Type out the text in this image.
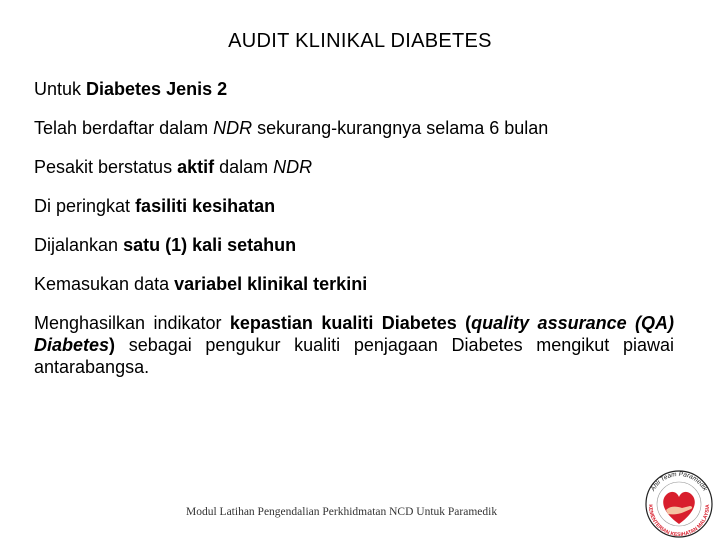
AUDIT KLINIKAL DIABETES
Untuk Diabetes Jenis 2
Telah berdaftar dalam NDR sekurang-kurangnya selama 6 bulan
Pesakit berstatus aktif dalam NDR
Di peringkat fasiliti kesihatan
Dijalankan satu (1) kali setahun
Kemasukan data variabel klinikal terkini
Menghasilkan indikator kepastian kualiti Diabetes (quality assurance (QA) Diabetes) sebagai pengukur kualiti penjagaan Diabetes mengikut piawai antarabangsa.
Modul Latihan Pengendalian Perkhidmatan NCD Untuk Paramedik
Ahli Team Paramedik
KEMENTERIAN KESIHATAN MALAYSIA
